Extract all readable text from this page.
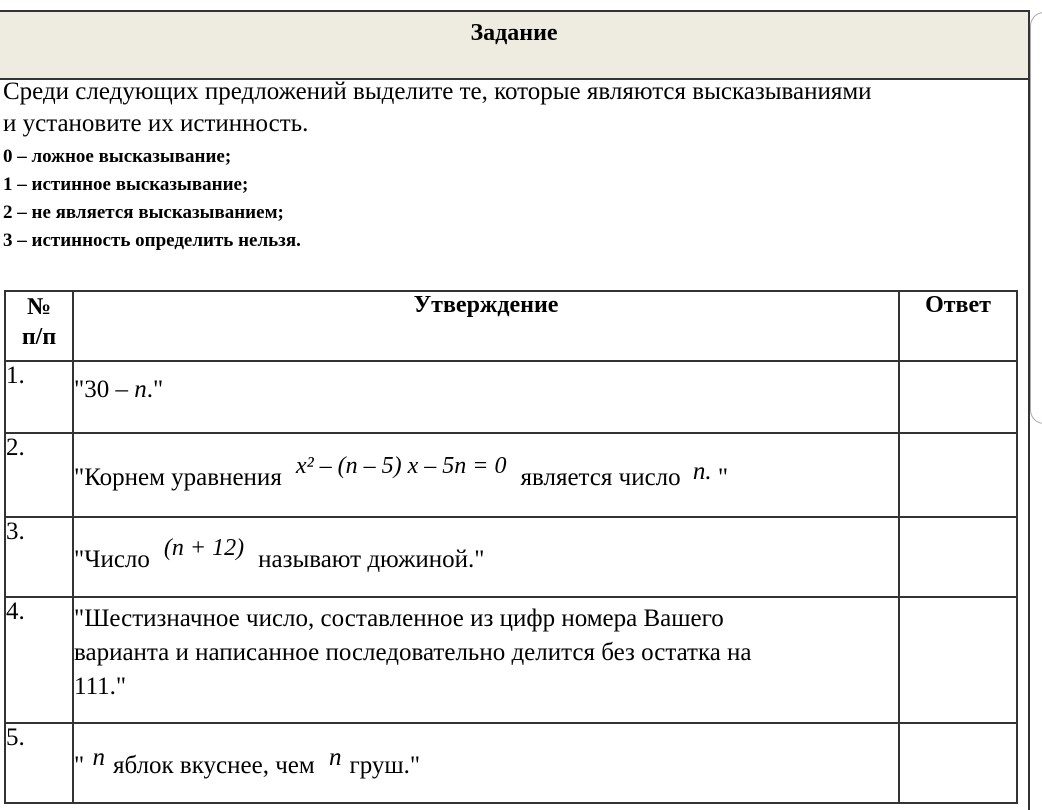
Задание
Среди следующих предложений выделите те, которые являются высказываниями
и установите их истинность.
0 – ложное высказывание;
1 – истинное высказывание;
2 – не является высказыванием;
3 – истинность определить нельзя.
№
п/п	Утверждение	Ответ
1.	"30 – n."	

2.	"Корнем уравнения x² – (n – 5) x – 5n = 0 является число n. "	

3.	"Число (n + 12) называют дюжиной."	

4.	"Шестизначное число, составленное из цифр номера Вашего
варианта и написанное последовательно делится без остатка на
111."	

5.	" n яблок вкуснее, чем n груш."	
